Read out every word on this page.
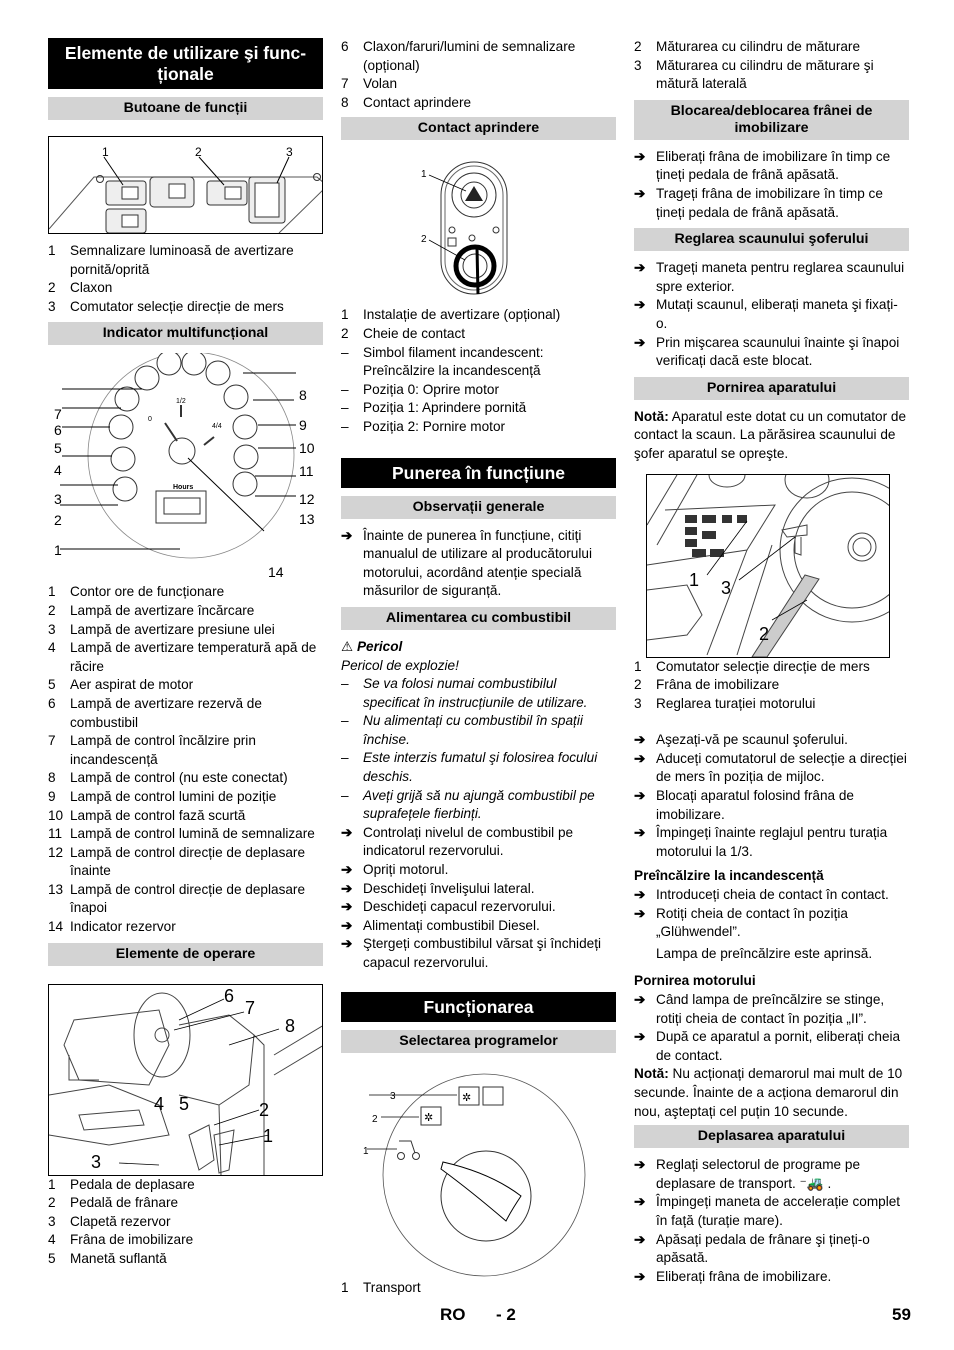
Elemente de utilizare şi func-ționale
Butoane de funcții
1	2	3
1	Semnalizare luminoasă de avertizare pornită/oprită
2	Claxon
3	Comutator selecție direcție de mers
Indicator multifuncțional
0
1/2
4/4
Hours
1
2
3
4
5
6
7
8
9
10
11
12
13
14
1	Contor ore de funcționare
2	Lampă de avertizare încărcare
3	Lampă de avertizare presiune ulei
4	Lampă de avertizare temperatură apă de răcire
5	Aer aspirat de motor
6	Lampă de avertizare rezervă de combustibil
7	Lampă de control încălzire prin incandescență
8	Lampă de control (nu este conectat)
9	Lampă de control lumini de poziție
10 Lampă de control fază scurtă
11 Lampă de control lumină de semnalizare
12 Lampă de control direcție de deplasare înainte
13 Lampă de control direcție de deplasare înapoi
14 Indicator rezervor
Elemente de operare
6
7
8
4 5	2
1
3
1	Pedala de deplasare
2	Pedală de frânare
3	Clapetă rezervor
4	Frâna de imobilizare
5	Manetă suflantă
6	Claxon/faruri/lumini de semnalizare (opțional)
7	Volan
8	Contact aprindere
Contact aprindere
1
2
1	Instalație de avertizare (opțional)
2	Cheie de contact
–	Simbol filament incandescent: Preîncălzire la incandescență
–	Poziția 0: Oprire motor
–	Poziția 1: Aprindere pornită
–	Poziția 2: Pornire motor
Punerea în funcțiune
Observații generale
➔ Înainte de punerea în funcțiune, citiți manualul de utilizare al producătorului motorului, acordând atenție specială măsurilor de siguranță.
Alimentarea cu combustibil
⚠ Pericol
Pericol de explozie!
–	Se va folosi numai combustibilul specificat în instrucțiunile de utilizare.
–	Nu alimentați cu combustibil în spații închise.
–	Este interzis fumatul şi folosirea focului deschis.
–	Aveți grijă să nu ajungă combustibil pe suprafețele fierbinți.
➔ Controlați nivelul de combustibil pe indicatorul rezervorului.
➔ Opriți motorul.
➔ Deschideți învelişului lateral.
➔ Deschideți capacul rezervorului.
➔ Alimentați combustibil Diesel.
➔ Ştergeți combustibilul vărsat şi închideți capacul rezervorului.
Funcționarea
Selectarea programelor
✲
✲
1
2
3
1	Transport
2	Măturarea cu cilindru de măturare
3	Măturarea cu cilindru de măturare şi mătură laterală
Blocarea/deblocarea frânei de imobilizare
➔ Eliberați frâna de imobilizare în timp ce țineți pedala de frână apăsată.
➔ Trageți frâna de imobilizare în timp ce țineți pedala de frână apăsată.
Reglarea scaunului şoferului
➔ Trageți maneta pentru reglarea scaunului spre exterior.
➔ Mutați scaunul, eliberați maneta şi fixați-o.
➔ Prin mişcarea scaunului înainte şi înapoi verificați dacă este blocat.
Pornirea aparatului

Notă: Aparatul este dotat cu un comutator de contact la scaun. La părăsirea scaunului de şofer aparatul se opreşte.

1
2
3
1	Comutator selecție direcție de mers
2	Frâna de imobilizare
3	Reglarea turației motorului
➔ Aşezați-vă pe scaunul şoferului.
➔ Aduceți comutatorul de selecție a direcției de mers în poziția de mijloc.
➔ Blocați aparatul folosind frâna de imobilizare.
➔ Împingeți înainte reglajul pentru turația motorului la 1/3.
Preîncălzire la incandescență
➔ Introduceți cheia de contact în contact.
➔ Rotiți cheia de contact în poziția „Glühwendel”.
Lampa de preîncălzire este aprinsă.
Pornirea motorului
➔ Când lampa de preîncălzire se stinge, rotiți cheia de contact în poziția „II”.
➔ După ce aparatul a pornit, eliberați cheia de contact.

Notă: Nu acționați demarorul mai mult de 10 secunde. Înainte de a acționa demarorul din nou, aşteptați cel puțin 10 secunde.

Deplasarea aparatului
➔ Reglați selectorul de programe pe deplasare de transport. ⁻🚜 .
➔ Împingeți maneta de accelerație complet în față (turație mare).
➔ Apăsați pedala de frânare şi țineți-o apăsată.
➔ Eliberați frâna de imobilizare.
RO - 2	59
